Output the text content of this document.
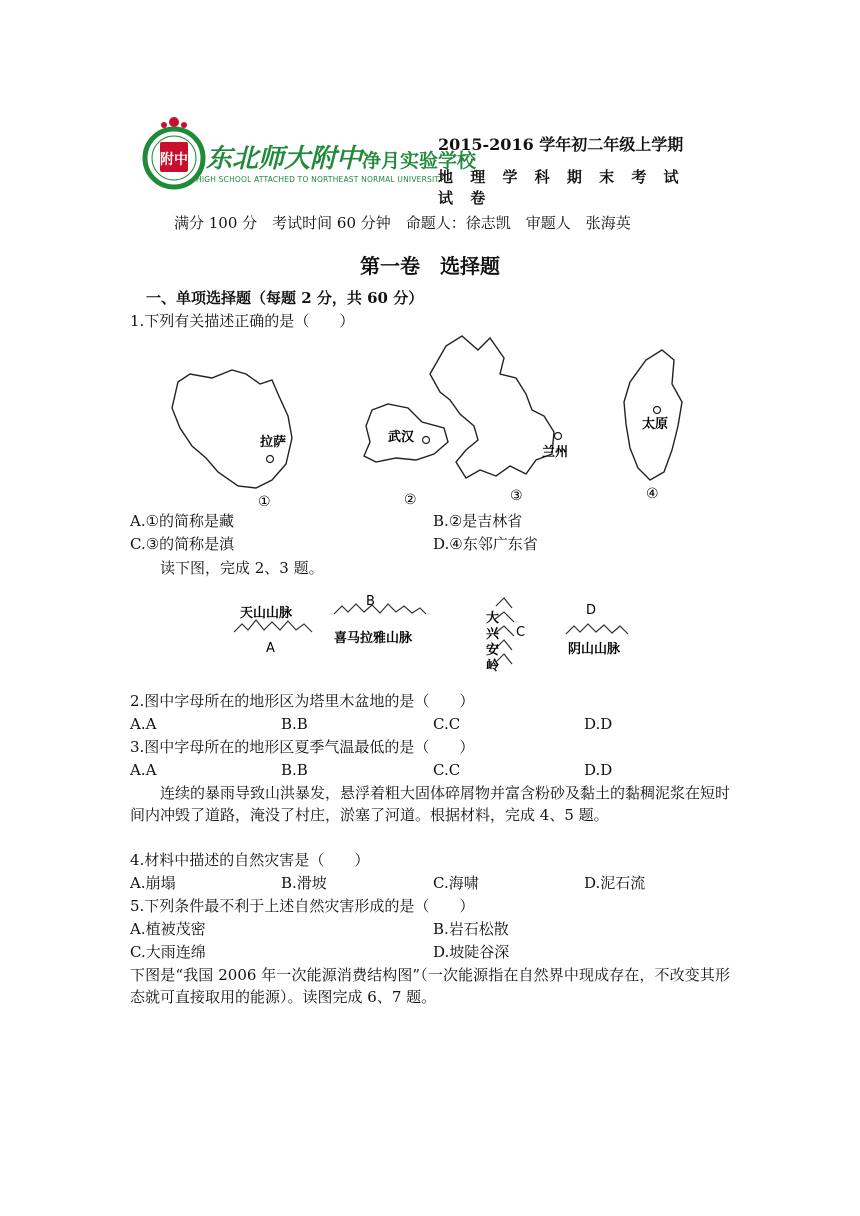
附中 东北师大附中净月实验学校
HIGH SCHOOL ATTACHED TO NORTHEAST NORMAL UNIVERSITY
2015-2016 学年初二年级上学期
地 理 学 科 期 末 考 试 试 卷
满分 100 分　考试时间 60 分钟　命题人：徐志凯　审题人　张海英
第一卷　选择题
一、单项选择题（每题 2 分，共 60 分）
1.下列有关描述正确的是（　　）
拉萨	武汉
兰州
太原
①	②	③	④
A.①的简称是藏	B.②是吉林省
C.③的简称是滇	D.④东邻广东省
读下图，完成 2、3 题。
天山山脉
A
B
喜马拉雅山脉
大
兴
安
岭
C
D
阴山山脉
2.图中字母所在的地形区为塔里木盆地的是（　　）
A.A	B.B	C.C	D.D
3.图中字母所在的地形区夏季气温最低的是（　　）
A.A	B.B	C.C	D.D
连续的暴雨导致山洪暴发，悬浮着粗大固体碎屑物并富含粉砂及黏土的黏稠泥浆在短时间内冲毁了道路，淹没了村庄，淤塞了河道。根据材料，完成 4、5 题。
4.材料中描述的自然灾害是（　　）
A.崩塌	B.滑坡	C.海啸	D.泥石流
5.下列条件最不利于上述自然灾害形成的是（　　）
A.植被茂密	B.岩石松散
C.大雨连绵	D.坡陡谷深
下图是“我国 2006 年一次能源消费结构图”（一次能源指在自然界中现成存在，不改变其形态就可直接取用的能源）。读图完成 6、7 题。
